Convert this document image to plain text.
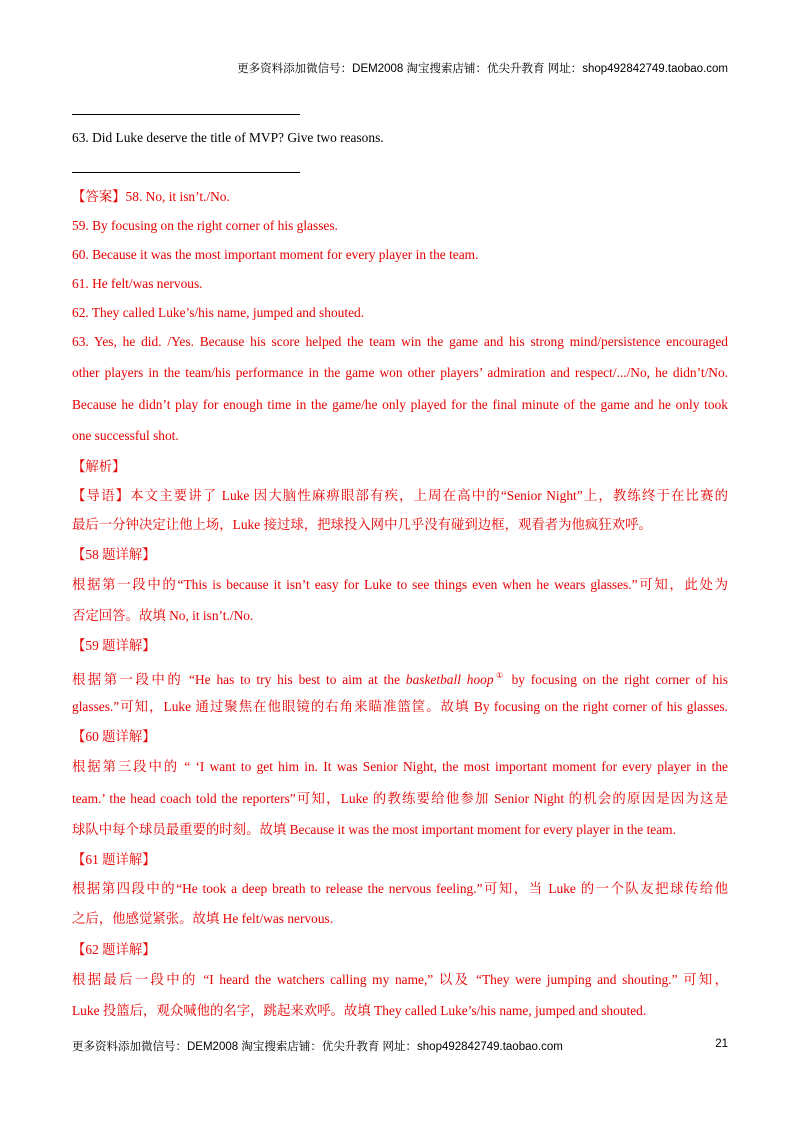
更多资料添加微信号：DEM2008 淘宝搜索店铺：优尖升教育 网址：shop492842749.taobao.com
63. Did Luke deserve the title of MVP? Give two reasons.
【答案】58. No, it isn’t./No.
59. By focusing on the right corner of his glasses.
60. Because it was the most important moment for every player in the team.
61. He felt/was nervous.
62. They called Luke’s/his name, jumped and shouted.
63. Yes, he did. /Yes. Because his score helped the team win the game and his strong mind/persistence encouraged
other players in the team/his performance in the game won other players’ admiration and respect/.../No, he didn’t/No.
Because he didn’t play for enough time in the game/he only played for the final minute of the game and he only took
one successful shot.
【解析】
【导语】本文主要讲了 Luke 因大脑性麻痹眼部有疾，上周在高中的“Senior Night”上，教练终于在比赛的
最后一分钟决定让他上场，Luke 接过球，把球投入网中几乎没有碰到边框，观看者为他疯狂欢呼。
【58 题详解】
根据第一段中的“This is because it isn’t easy for Luke to see things even when he wears glasses.”可知，此处为
否定回答。故填 No, it isn’t./No.
【59 题详解】
根据第一段中的 “He has to try his best to aim at the basketball hoop① by focusing on the right corner of his
glasses.”可知，Luke 通过聚焦在他眼镜的右角来瞄准篮筐。故填 By focusing on the right corner of his glasses.
【60 题详解】
根据第三段中的 “ ‘I want to get him in. It was Senior Night, the most important moment for every player in the
team.’ the head coach told the reporters”可知，Luke 的教练要给他参加 Senior Night 的机会的原因是因为这是
球队中每个球员最重要的时刻。故填 Because it was the most important moment for every player in the team.
【61 题详解】
根据第四段中的“He took a deep breath to release the nervous feeling.”可知，当 Luke 的一个队友把球传给他
之后，他感觉紧张。故填 He felt/was nervous.
【62 题详解】
根据最后一段中的 “I heard the watchers calling my name,” 以及 “They were jumping and shouting.” 可知，
Luke 投篮后，观众喊他的名字，跳起来欢呼。故填 They called Luke’s/his name, jumped and shouted.
更多资料添加微信号：DEM2008 淘宝搜索店铺：优尖升教育 网址：shop492842749.taobao.com	21
